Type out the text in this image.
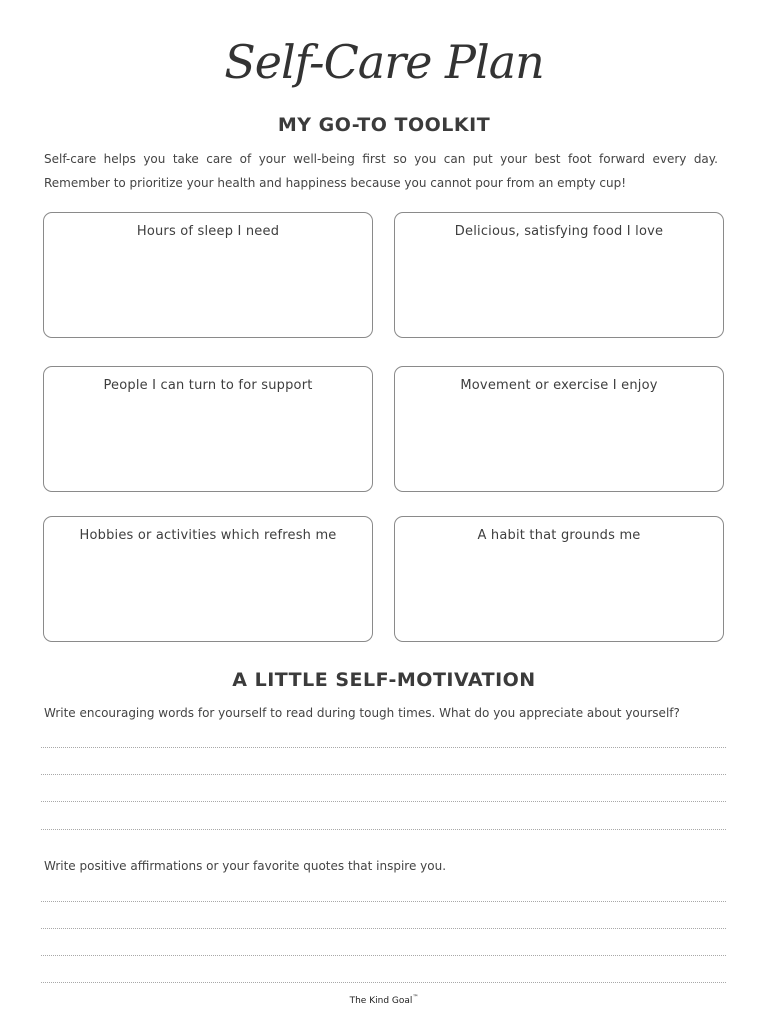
Self-Care Plan
MY GO-TO TOOLKIT
Self-care helps you take care of your well-being first so you can put your best foot forward every day.
Remember to prioritize your health and happiness because you cannot pour from an empty cup!
Hours of sleep I need	Delicious, satisfying food I love
People I can turn to for support	Movement or exercise I enjoy
Hobbies or activities which refresh me	A habit that grounds me
A LITTLE SELF-MOTIVATION
Write encouraging words for yourself to read during tough times. What do you appreciate about yourself?
Write positive affirmations or your favorite quotes that inspire you.
The Kind Goal™
